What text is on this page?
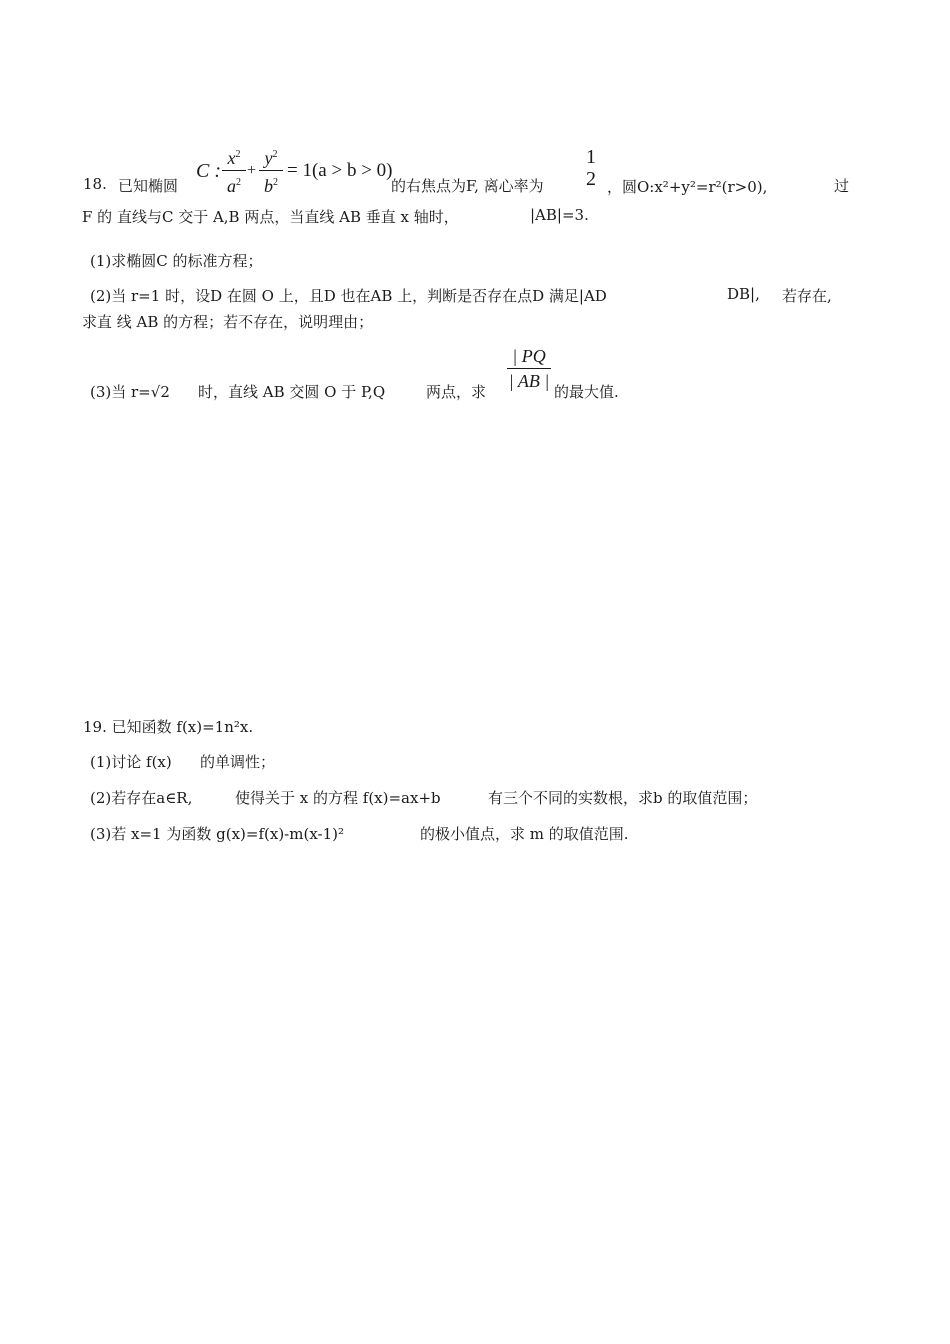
18. 已知椭圆
C :
$x^2$
$a^2$
+
$y^2$
$b^2$
= 1(a > b > 0)
的右焦点为F, 离心率为
1
2 ，圆O:x²+y²=r²(r>0),	过
F 的 直线与C 交于 A,B 两点，当直线 AB 垂直 x 轴时，	|AB|=3.
(1)求椭圆C 的标准方程；
(2)当 r=1 时，设D 在圆 O 上，且D 也在AB 上，判断是否存在点D 满足|AD	DB|, 若存在,
求直 线 AB 的方程；若不存在，说明理由；
(3)当 r=√2 时，直线 AB 交圆 O 于 P,Q	两点，求
| PQ
| AB |
的最大值.
19. 已知函数 f(x)=1n²x.
(1)讨论 f(x) 的单调性；
(2)若存在a∈R,	使得关于 x 的方程 f(x)=ax+b	有三个不同的实数根，求b 的取值范围；
(3)若 x=1 为函数 g(x)=f(x)-m(x-1)²	的极小值点，求 m 的取值范围.
